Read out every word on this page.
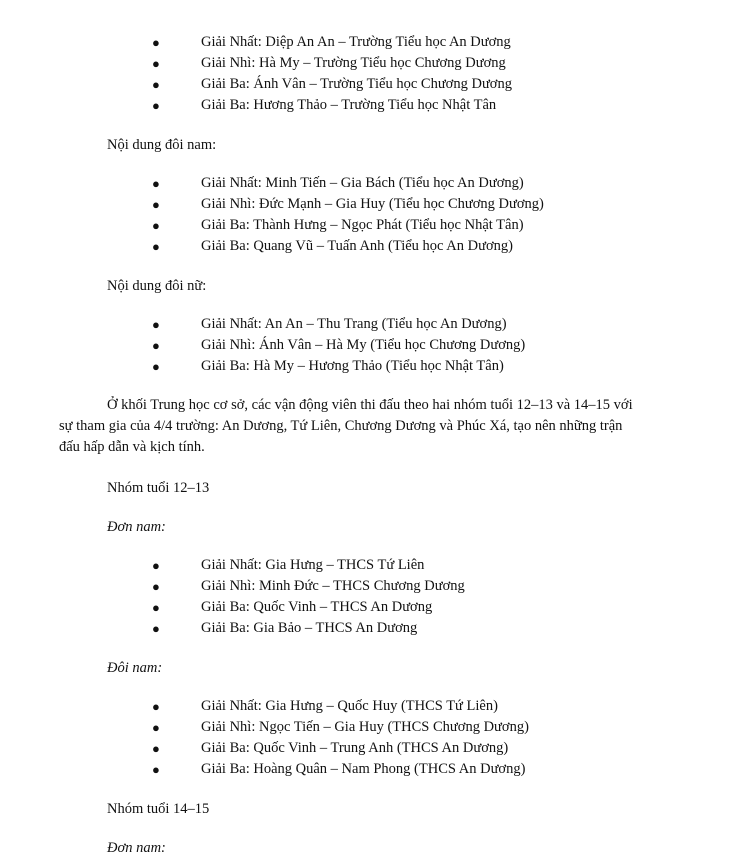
●	Giải Nhất: Diệp An An – Trường Tiểu học An Dương
●	Giải Nhì: Hà My – Trường Tiểu học Chương Dương
●	Giải Ba: Ánh Vân – Trường Tiểu học Chương Dương
●	Giải Ba: Hương Thảo – Trường Tiểu học Nhật Tân
Nội dung đôi nam:
●	Giải Nhất: Minh Tiến – Gia Bách (Tiểu học An Dương)
●	Giải Nhì: Đức Mạnh – Gia Huy (Tiểu học Chương Dương)
●	Giải Ba: Thành Hưng – Ngọc Phát (Tiểu học Nhật Tân)
●	Giải Ba: Quang Vũ – Tuấn Anh (Tiểu học An Dương)
Nội dung đôi nữ:
●	Giải Nhất: An An – Thu Trang (Tiểu học An Dương)
●	Giải Nhì: Ánh Vân – Hà My (Tiểu học Chương Dương)
●	Giải Ba: Hà My – Hương Thảo (Tiểu học Nhật Tân)
Ở khối Trung học cơ sở, các vận động viên thi đấu theo hai nhóm tuổi 12–13 và 14–15 với
sự tham gia của 4/4 trường: An Dương, Tứ Liên, Chương Dương và Phúc Xá, tạo nên những trận
đấu hấp dẫn và kịch tính.
Nhóm tuổi 12–13
Đơn nam:
●	Giải Nhất: Gia Hưng – THCS Tứ Liên
●	Giải Nhì: Minh Đức – THCS Chương Dương
●	Giải Ba: Quốc Vinh – THCS An Dương
●	Giải Ba: Gia Bảo – THCS An Dương
Đôi nam:
●	Giải Nhất: Gia Hưng – Quốc Huy (THCS Tứ Liên)
●	Giải Nhì: Ngọc Tiến – Gia Huy (THCS Chương Dương)
●	Giải Ba: Quốc Vinh – Trung Anh (THCS An Dương)
●	Giải Ba: Hoàng Quân – Nam Phong (THCS An Dương)
Nhóm tuổi 14–15
Đơn nam:
